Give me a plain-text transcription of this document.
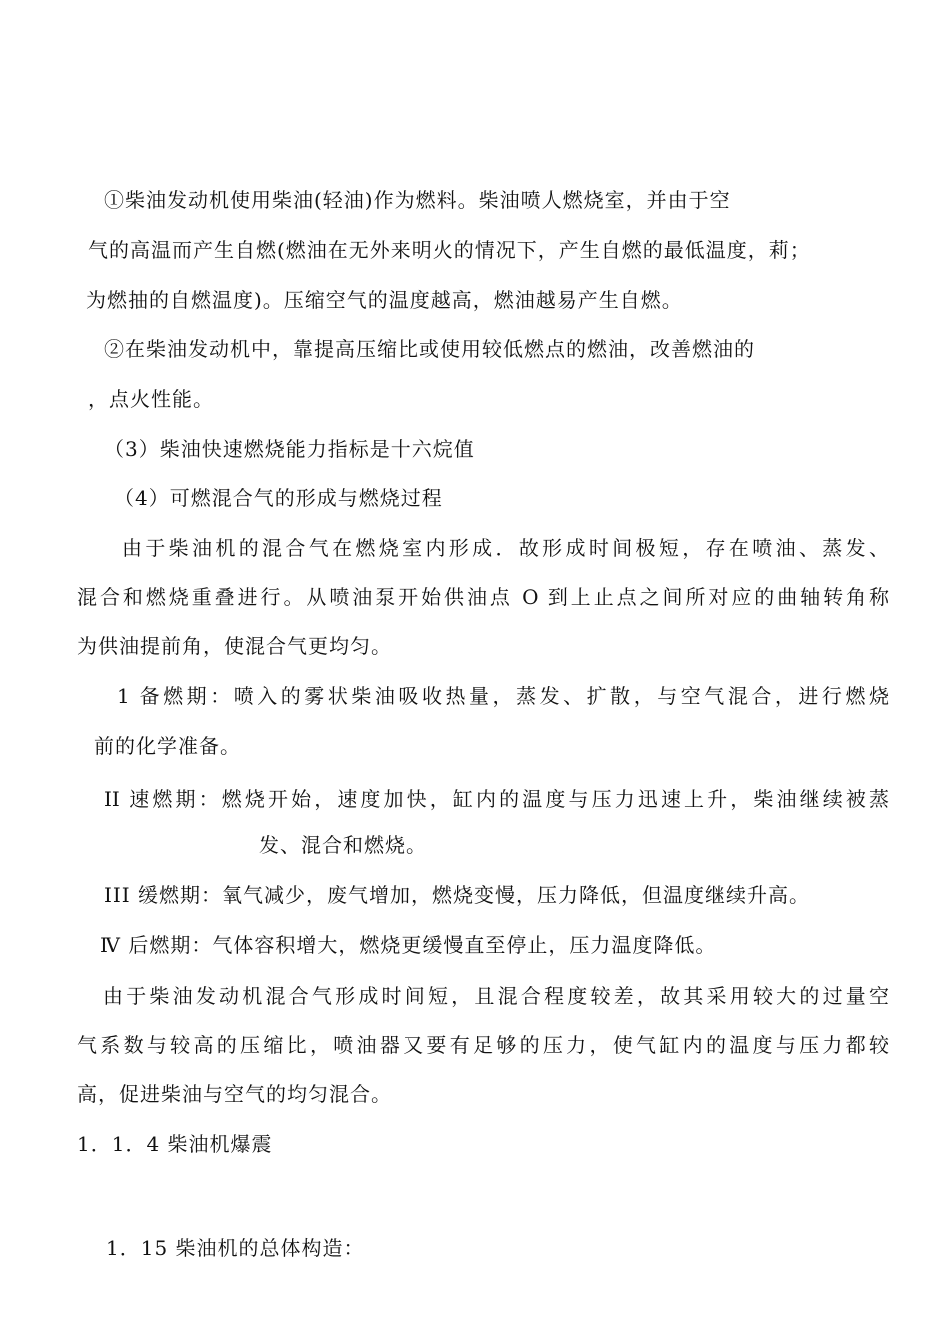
①柴油发动机使用柴油(轻油)作为燃料。柴油喷人燃烧室，并由于空
气的高温而产生自燃(燃油在无外来明火的情况下，产生自燃的最低温度，莉；
为燃抽的自燃温度)。压缩空气的温度越高，燃油越易产生自燃。
②在柴油发动机中，靠提高压缩比或使用较低燃点的燃油，改善燃油的
，点火性能。
（3）柴油快速燃烧能力指标是十六烷值
（4）可燃混合气的形成与燃烧过程
由于柴油机的混合气在燃烧室内形成．故形成时间极短，存在喷油、蒸发、
混合和燃烧重叠进行。从喷油泵开始供油点 O 到上止点之间所对应的曲轴转角称
为供油提前角，使混合气更均匀。
1 备燃期：喷入的雾状柴油吸收热量，蒸发、扩散，与空气混合，进行燃烧
前的化学准备。
II 速燃期：燃烧开始，速度加快，缸内的温度与压力迅速上升，柴油继续被蒸
发、混合和燃烧。
III 缓燃期：氧气减少，废气增加，燃烧变慢，压力降低，但温度继续升高。
Ⅳ 后燃期：气体容积增大，燃烧更缓慢直至停止，压力温度降低。
由于柴油发动机混合气形成时间短，且混合程度较差，故其采用较大的过量空
气系数与较高的压缩比，喷油器又要有足够的压力，使气缸内的温度与压力都较
高，促进柴油与空气的均匀混合。
1．1．4 柴油机爆震
1．15 柴油机的总体构造：
